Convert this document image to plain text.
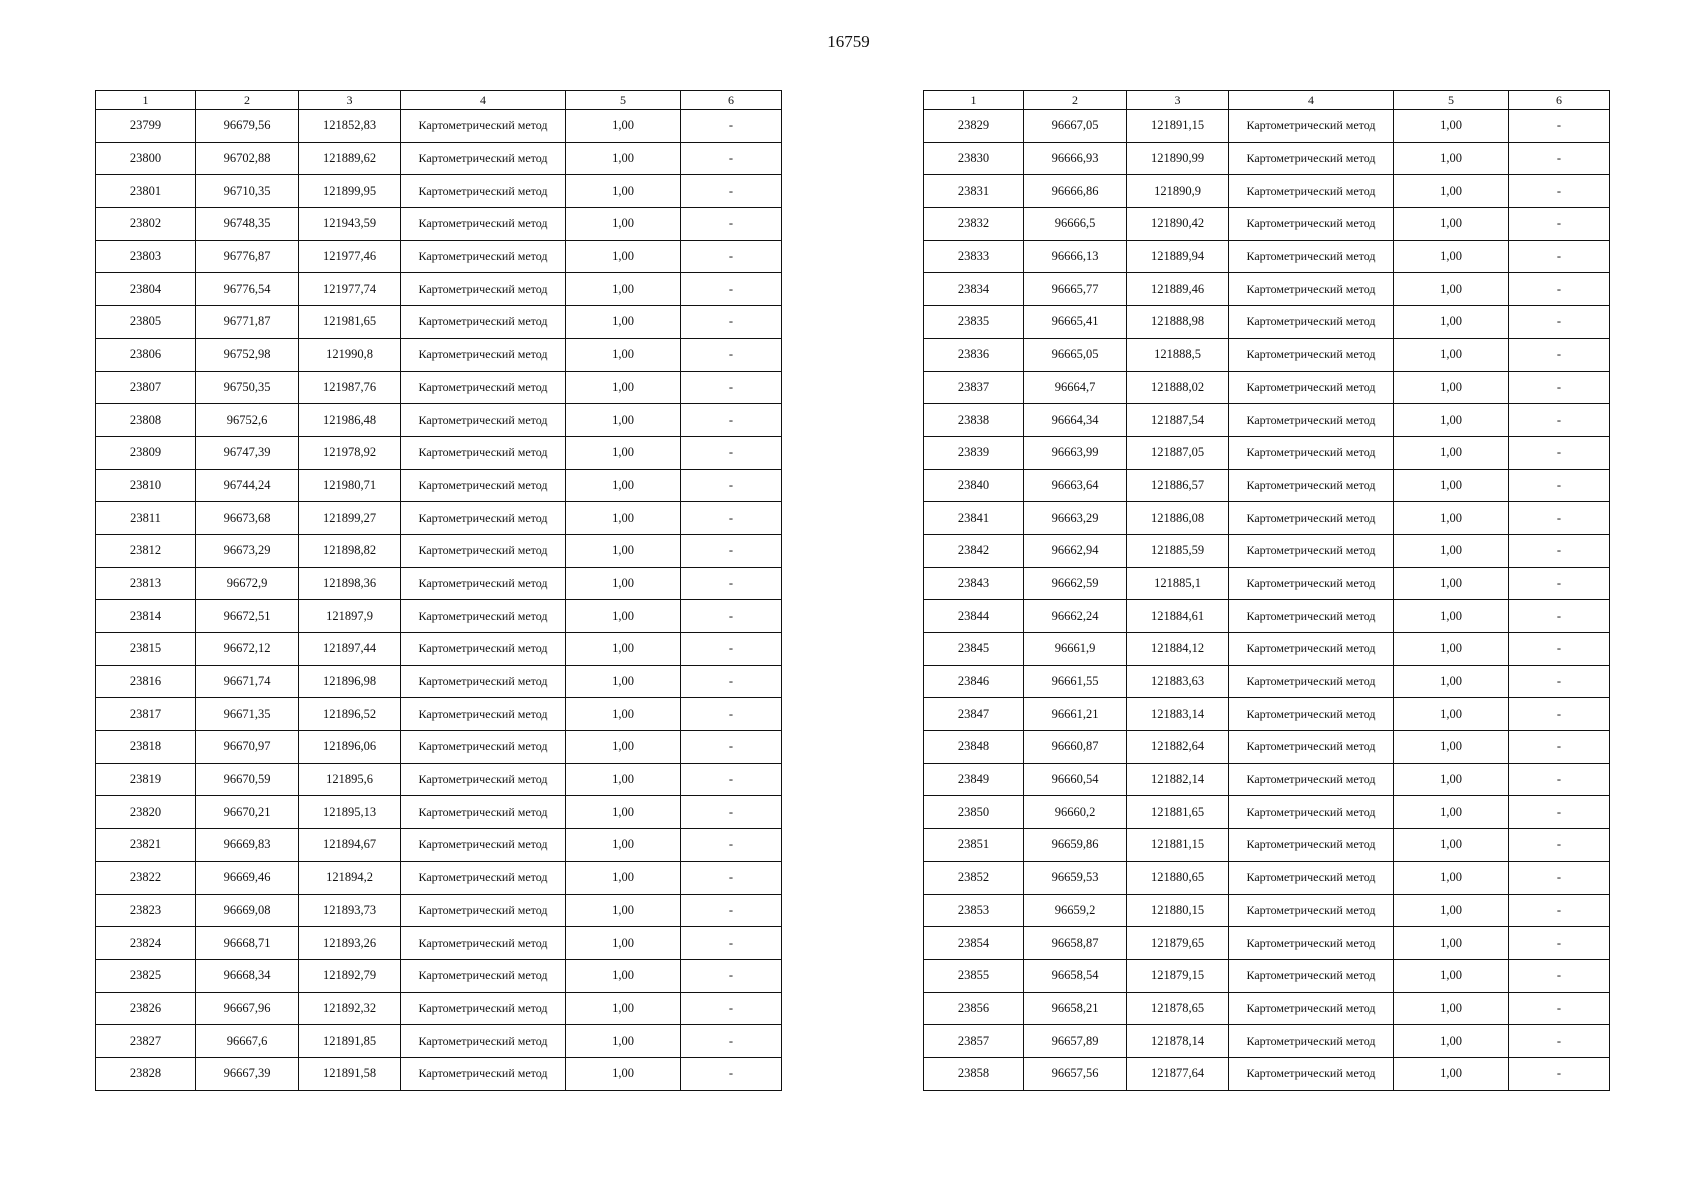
16759
1	2	3	4	5	6
23799	96679,56	121852,83	Картометрический метод	1,00	-
23800	96702,88	121889,62	Картометрический метод	1,00	-
23801	96710,35	121899,95	Картометрический метод	1,00	-
23802	96748,35	121943,59	Картометрический метод	1,00	-
23803	96776,87	121977,46	Картометрический метод	1,00	-
23804	96776,54	121977,74	Картометрический метод	1,00	-
23805	96771,87	121981,65	Картометрический метод	1,00	-
23806	96752,98	121990,8	Картометрический метод	1,00	-
23807	96750,35	121987,76	Картометрический метод	1,00	-
23808	96752,6	121986,48	Картометрический метод	1,00	-
23809	96747,39	121978,92	Картометрический метод	1,00	-
23810	96744,24	121980,71	Картометрический метод	1,00	-
23811	96673,68	121899,27	Картометрический метод	1,00	-
23812	96673,29	121898,82	Картометрический метод	1,00	-
23813	96672,9	121898,36	Картометрический метод	1,00	-
23814	96672,51	121897,9	Картометрический метод	1,00	-
23815	96672,12	121897,44	Картометрический метод	1,00	-
23816	96671,74	121896,98	Картометрический метод	1,00	-
23817	96671,35	121896,52	Картометрический метод	1,00	-
23818	96670,97	121896,06	Картометрический метод	1,00	-
23819	96670,59	121895,6	Картометрический метод	1,00	-
23820	96670,21	121895,13	Картометрический метод	1,00	-
23821	96669,83	121894,67	Картометрический метод	1,00	-
23822	96669,46	121894,2	Картометрический метод	1,00	-
23823	96669,08	121893,73	Картометрический метод	1,00	-
23824	96668,71	121893,26	Картометрический метод	1,00	-
23825	96668,34	121892,79	Картометрический метод	1,00	-
23826	96667,96	121892,32	Картометрический метод	1,00	-
23827	96667,6	121891,85	Картометрический метод	1,00	-
23828	96667,39	121891,58	Картометрический метод	1,00	-
1	2	3	4	5	6
23829	96667,05	121891,15	Картометрический метод	1,00	-
23830	96666,93	121890,99	Картометрический метод	1,00	-
23831	96666,86	121890,9	Картометрический метод	1,00	-
23832	96666,5	121890,42	Картометрический метод	1,00	-
23833	96666,13	121889,94	Картометрический метод	1,00	-
23834	96665,77	121889,46	Картометрический метод	1,00	-
23835	96665,41	121888,98	Картометрический метод	1,00	-
23836	96665,05	121888,5	Картометрический метод	1,00	-
23837	96664,7	121888,02	Картометрический метод	1,00	-
23838	96664,34	121887,54	Картометрический метод	1,00	-
23839	96663,99	121887,05	Картометрический метод	1,00	-
23840	96663,64	121886,57	Картометрический метод	1,00	-
23841	96663,29	121886,08	Картометрический метод	1,00	-
23842	96662,94	121885,59	Картометрический метод	1,00	-
23843	96662,59	121885,1	Картометрический метод	1,00	-
23844	96662,24	121884,61	Картометрический метод	1,00	-
23845	96661,9	121884,12	Картометрический метод	1,00	-
23846	96661,55	121883,63	Картометрический метод	1,00	-
23847	96661,21	121883,14	Картометрический метод	1,00	-
23848	96660,87	121882,64	Картометрический метод	1,00	-
23849	96660,54	121882,14	Картометрический метод	1,00	-
23850	96660,2	121881,65	Картометрический метод	1,00	-
23851	96659,86	121881,15	Картометрический метод	1,00	-
23852	96659,53	121880,65	Картометрический метод	1,00	-
23853	96659,2	121880,15	Картометрический метод	1,00	-
23854	96658,87	121879,65	Картометрический метод	1,00	-
23855	96658,54	121879,15	Картометрический метод	1,00	-
23856	96658,21	121878,65	Картометрический метод	1,00	-
23857	96657,89	121878,14	Картометрический метод	1,00	-
23858	96657,56	121877,64	Картометрический метод	1,00	-
